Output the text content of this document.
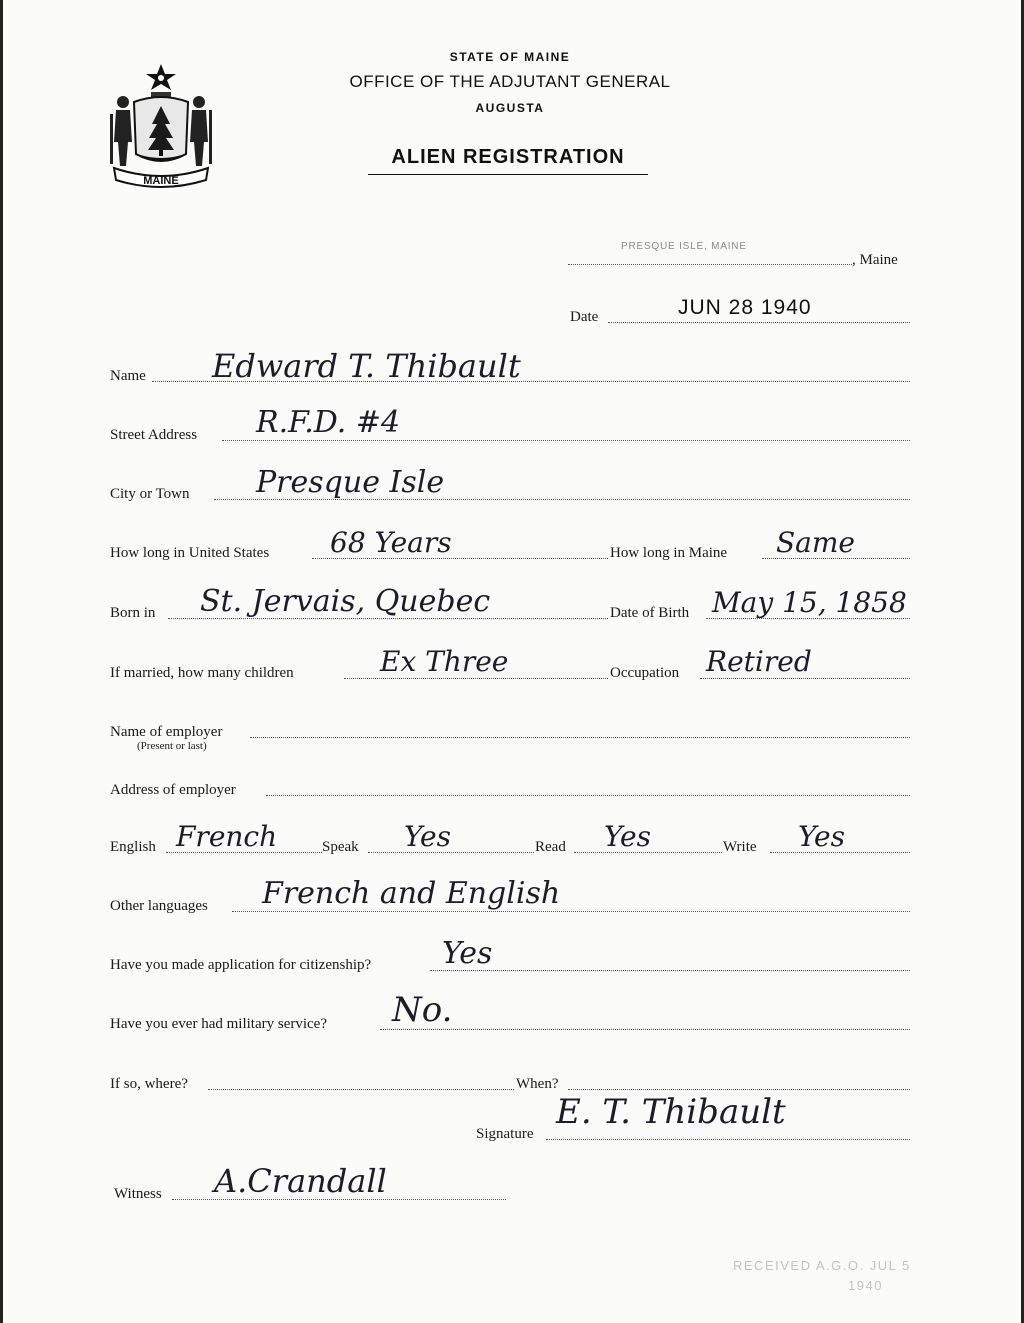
MAINE
STATE OF MAINE
OFFICE OF THE ADJUTANT GENERAL
AUGUSTA
ALIEN REGISTRATION
PRESQUE ISLE, MAINE
, Maine
Date	JUN 28 1940
Name Edward T. Thibault
Street Address R.F.D. #4
City or Town Presque Isle
How long in United States 68 Years	How long in Maine Same
Born in St. Jervais, Quebec	Date of Birth May 15, 1858
If married, how many children	Ex Three	Occupation Retired
Name of employer
(Present or last)
Address of employer
English French	Speak Yes	Read Yes	Write Yes
Other languages French and English
Have you made application for citizenship? Yes
Have you ever had military service? No.
If so, where?	When?
Signature
E. T. Thibault
Witness A.Crandall
RECEIVED A.G.O. JUL 5
1940
